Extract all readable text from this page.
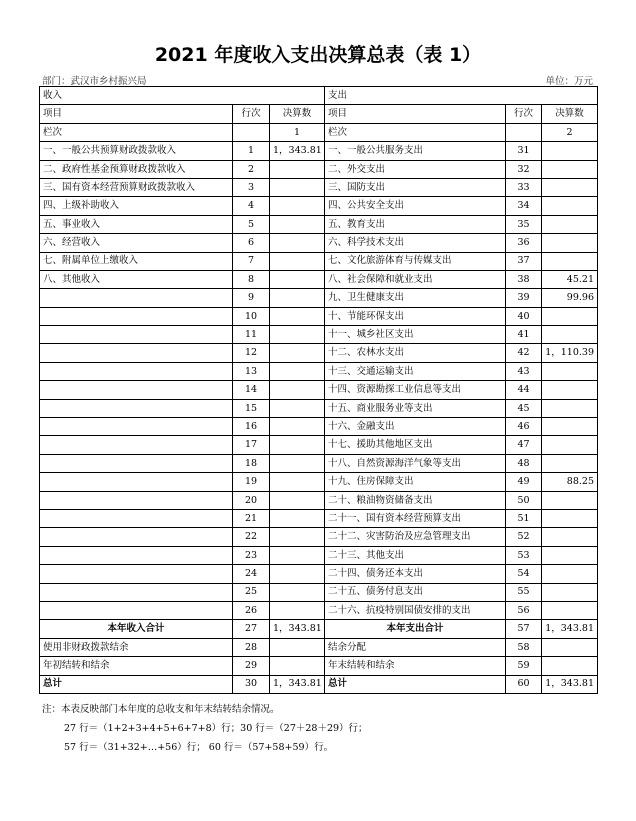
2021 年度收入支出决算总表（表 1）
部门：武汉市乡村振兴局	单位：万元
收入			支出		
项目	行次	决算数	项目	行次	决算数
栏次		1	栏次		2
一、一般公共预算财政拨款收入	1	1，343.81	一、一般公共服务支出	31	
二、政府性基金预算财政拨款收入	2		二、外交支出	32	
三、国有资本经营预算财政拨款收入	3		三、国防支出	33	
四、上级补助收入	4		四、公共安全支出	34	
五、事业收入	5		五、教育支出	35	
六、经营收入	6		六、科学技术支出	36	
七、附属单位上缴收入	7		七、文化旅游体育与传媒支出	37	
八、其他收入	8		八、社会保障和就业支出	38	45.21
	9		九、卫生健康支出	39	99.96
	10		十、节能环保支出	40	
	11		十一、城乡社区支出	41	
	12		十二、农林水支出	42	1，110.39
	13		十三、交通运输支出	43	
	14		十四、资源勘探工业信息等支出	44	
	15		十五、商业服务业等支出	45	
	16		十六、金融支出	46	
	17		十七、援助其他地区支出	47	
	18		十八、自然资源海洋气象等支出	48	
	19		十九、住房保障支出	49	88.25
	20		二十、粮油物资储备支出	50	
	21		二十一、国有资本经营预算支出	51	
	22		二十二、灾害防治及应急管理支出	52	
	23		二十三、其他支出	53	
	24		二十四、债务还本支出	54	
	25		二十五、债务付息支出	55	
	26		二十六、抗疫特别国债安排的支出	56	
本年收入合计	27	1，343.81	本年支出合计	57	1，343.81
使用非财政拨款结余	28		结余分配	58	
年初结转和结余	29		年末结转和结余	59	
总计	30	1，343.81	总计	60	1，343.81
注：本表反映部门本年度的总收支和年末结转结余情况。
27 行＝（1+2+3+4+5+6+7+8）行；30 行＝（27＋28＋29）行；
57 行＝（31+32+…+56）行； 60 行＝（57+58+59）行。
